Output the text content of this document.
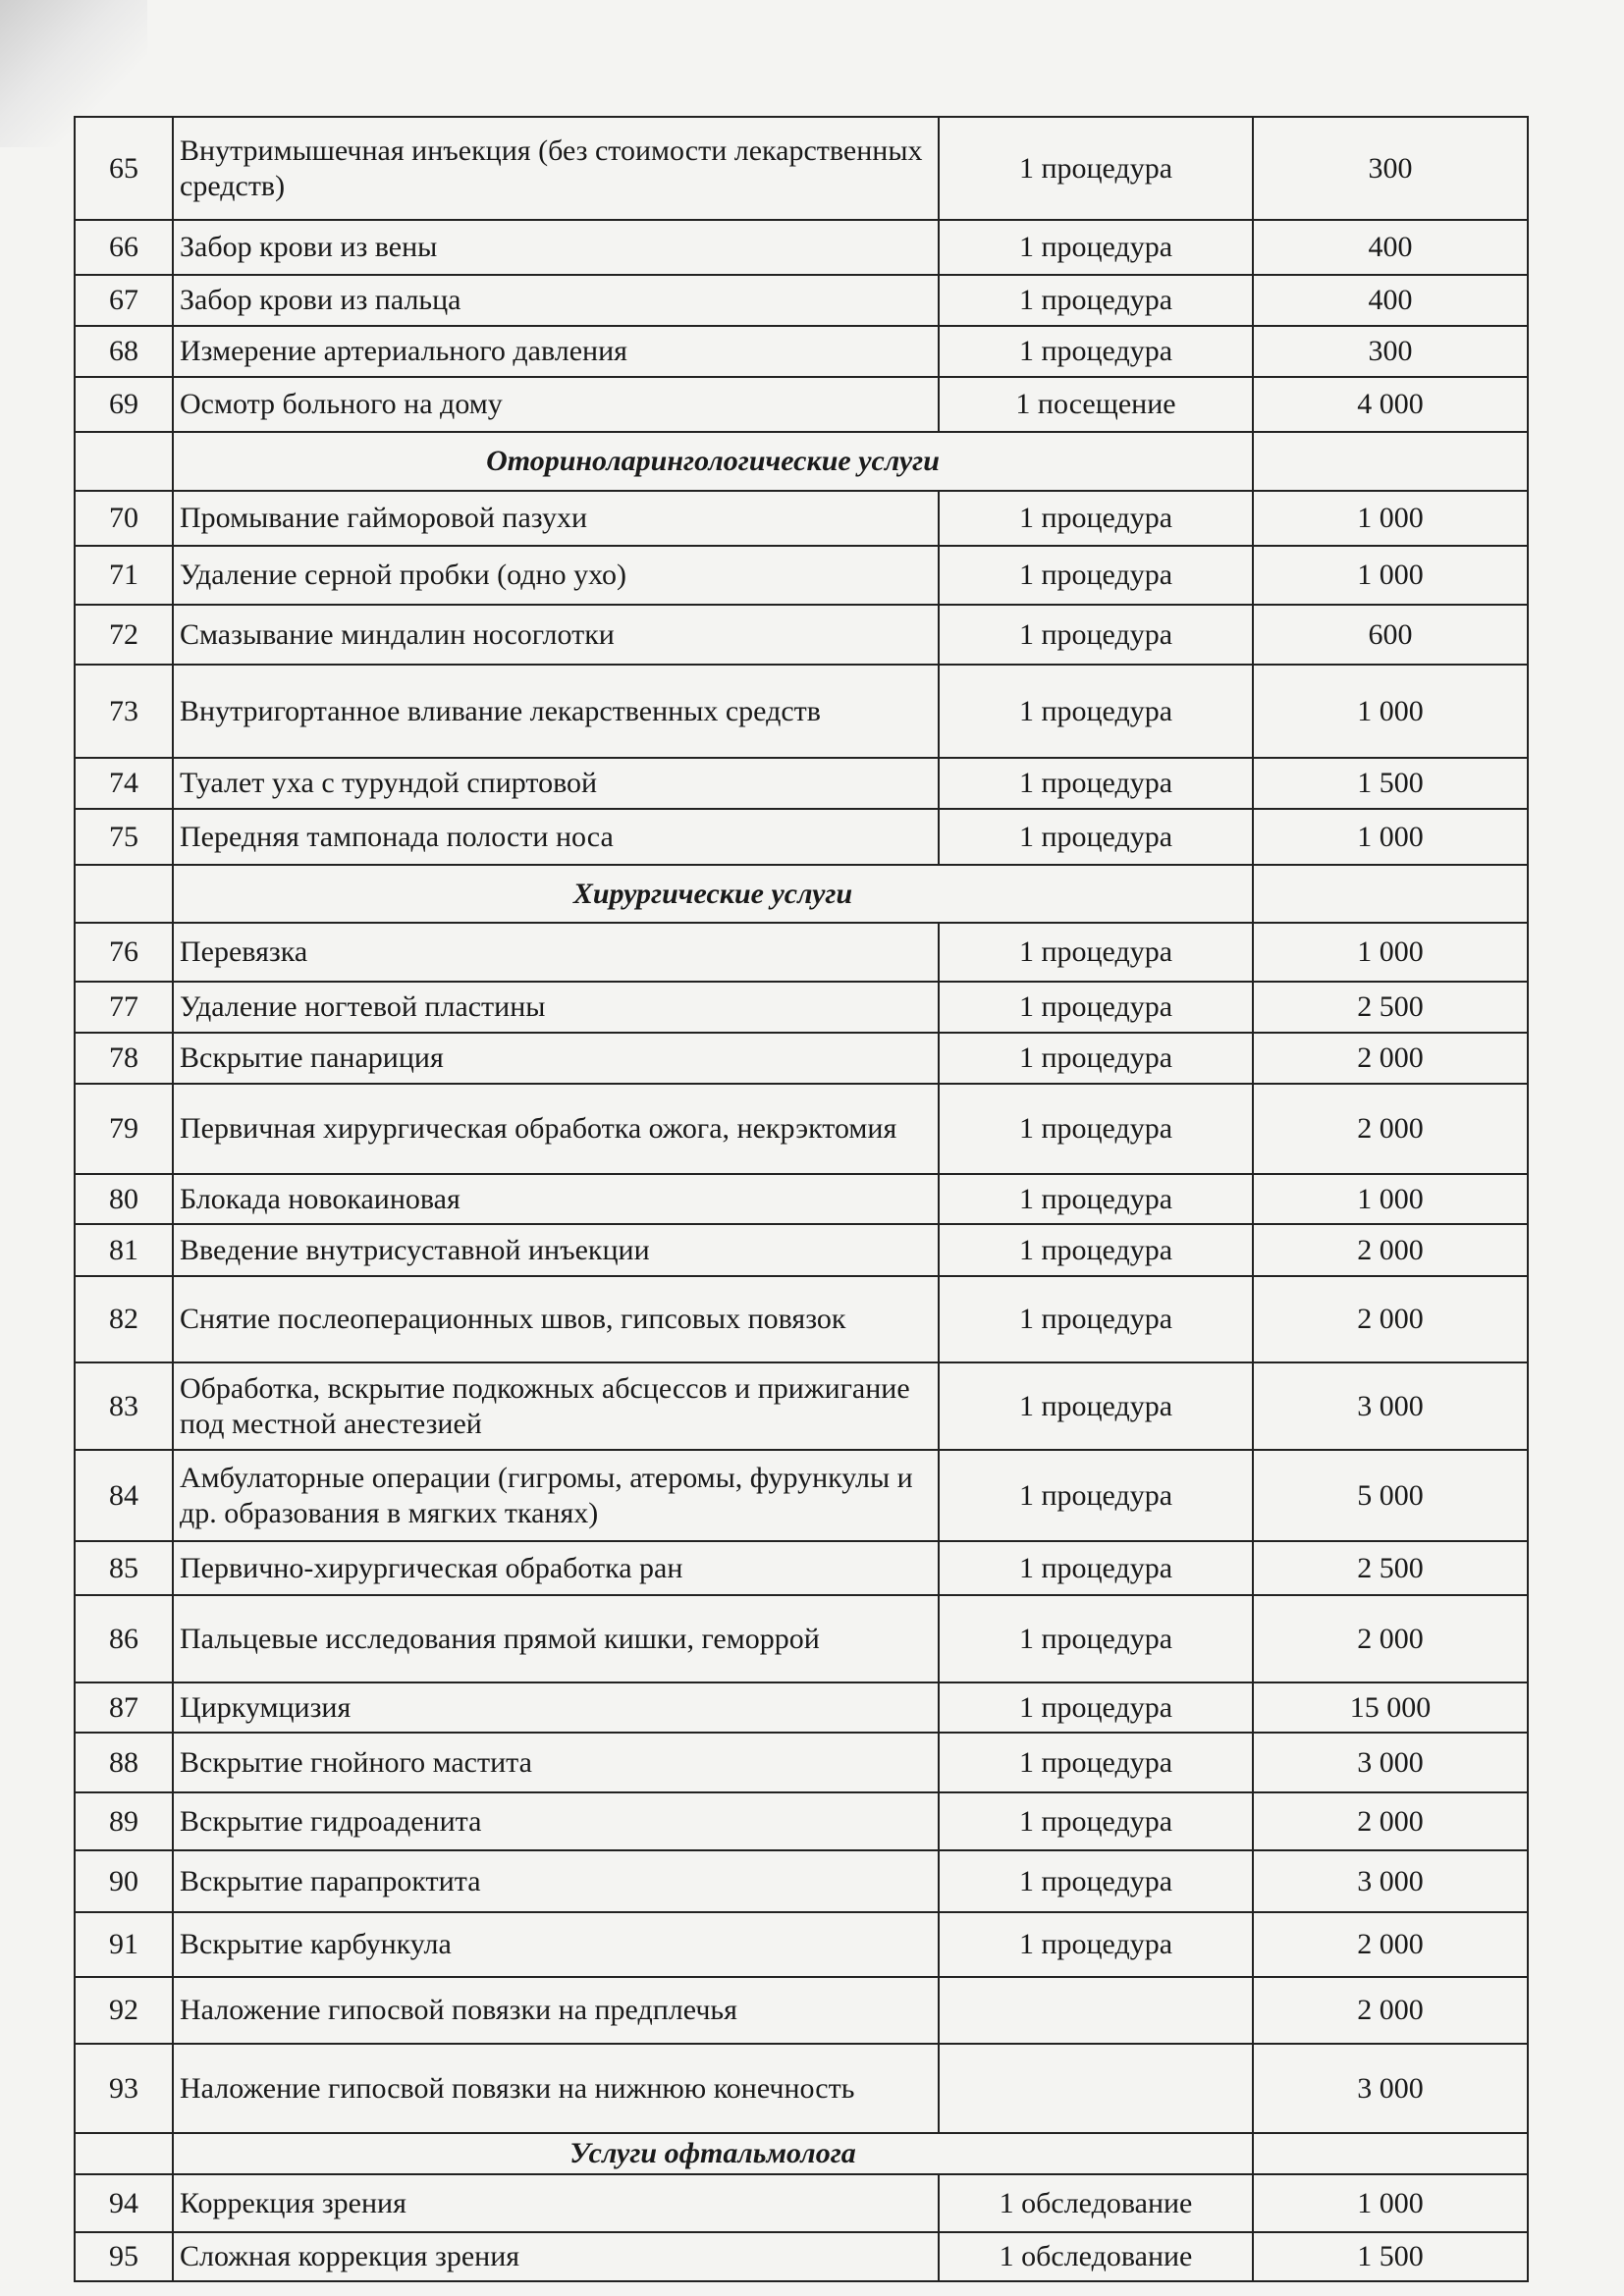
65	Внутримышечная инъекция (без стоимости лекарственных средств)	1 процедура	300
66	Забор крови из вены	1 процедура	400
67	Забор крови из пальца	1 процедура	400
68	Измерение артериального давления	1 процедура	300
69	Осмотр больного на дому	1 посещение	4 000
	Оториноларингологические услуги		
70	Промывание гайморовой пазухи	1 процедура	1 000
71	Удаление серной пробки (одно ухо)	1 процедура	1 000
72	Смазывание миндалин носоглотки	1 процедура	600
73	Внутригортанное вливание лекарственных средств	1 процедура	1 000
74	Туалет уха с турундой спиртовой	1 процедура	1 500
75	Передняя тампонада полости носа	1 процедура	1 000
	Хирургические услуги		
76	Перевязка	1 процедура	1 000
77	Удаление ногтевой пластины	1 процедура	2 500
78	Вскрытие панариция	1 процедура	2 000
79	Первичная хирургическая обработка ожога, некрэктомия	1 процедура	2 000
80	Блокада новокаиновая	1 процедура	1 000
81	Введение внутрисуставной инъекции	1 процедура	2 000
82	Снятие послеоперационных швов, гипсовых повязок	1 процедура	2 000
83	Обработка, вскрытие подкожных абсцессов и прижигание под местной анестезией	1 процедура	3 000
84	Амбулаторные операции (гигромы, атеромы, фурункулы и др. образования в мягких тканях)	1 процедура	5 000
85	Первично-хирургическая обработка ран	1 процедура	2 500
86	Пальцевые исследования прямой кишки, геморрой	1 процедура	2 000
87	Циркумцизия	1 процедура	15 000
88	Вскрытие гнойного мастита	1 процедура	3 000
89	Вскрытие гидроаденита	1 процедура	2 000
90	Вскрытие парапроктита	1 процедура	3 000
91	Вскрытие карбункула	1 процедура	2 000
92	Наложение гипосвой повязки на предплечья		2 000
93	Наложение гипосвой повязки на нижнюю конечность		3 000
	Услуги офтальмолога		
94	Коррекция зрения	1 обследование	1 000
95	Сложная коррекция зрения	1 обследование	1 500
